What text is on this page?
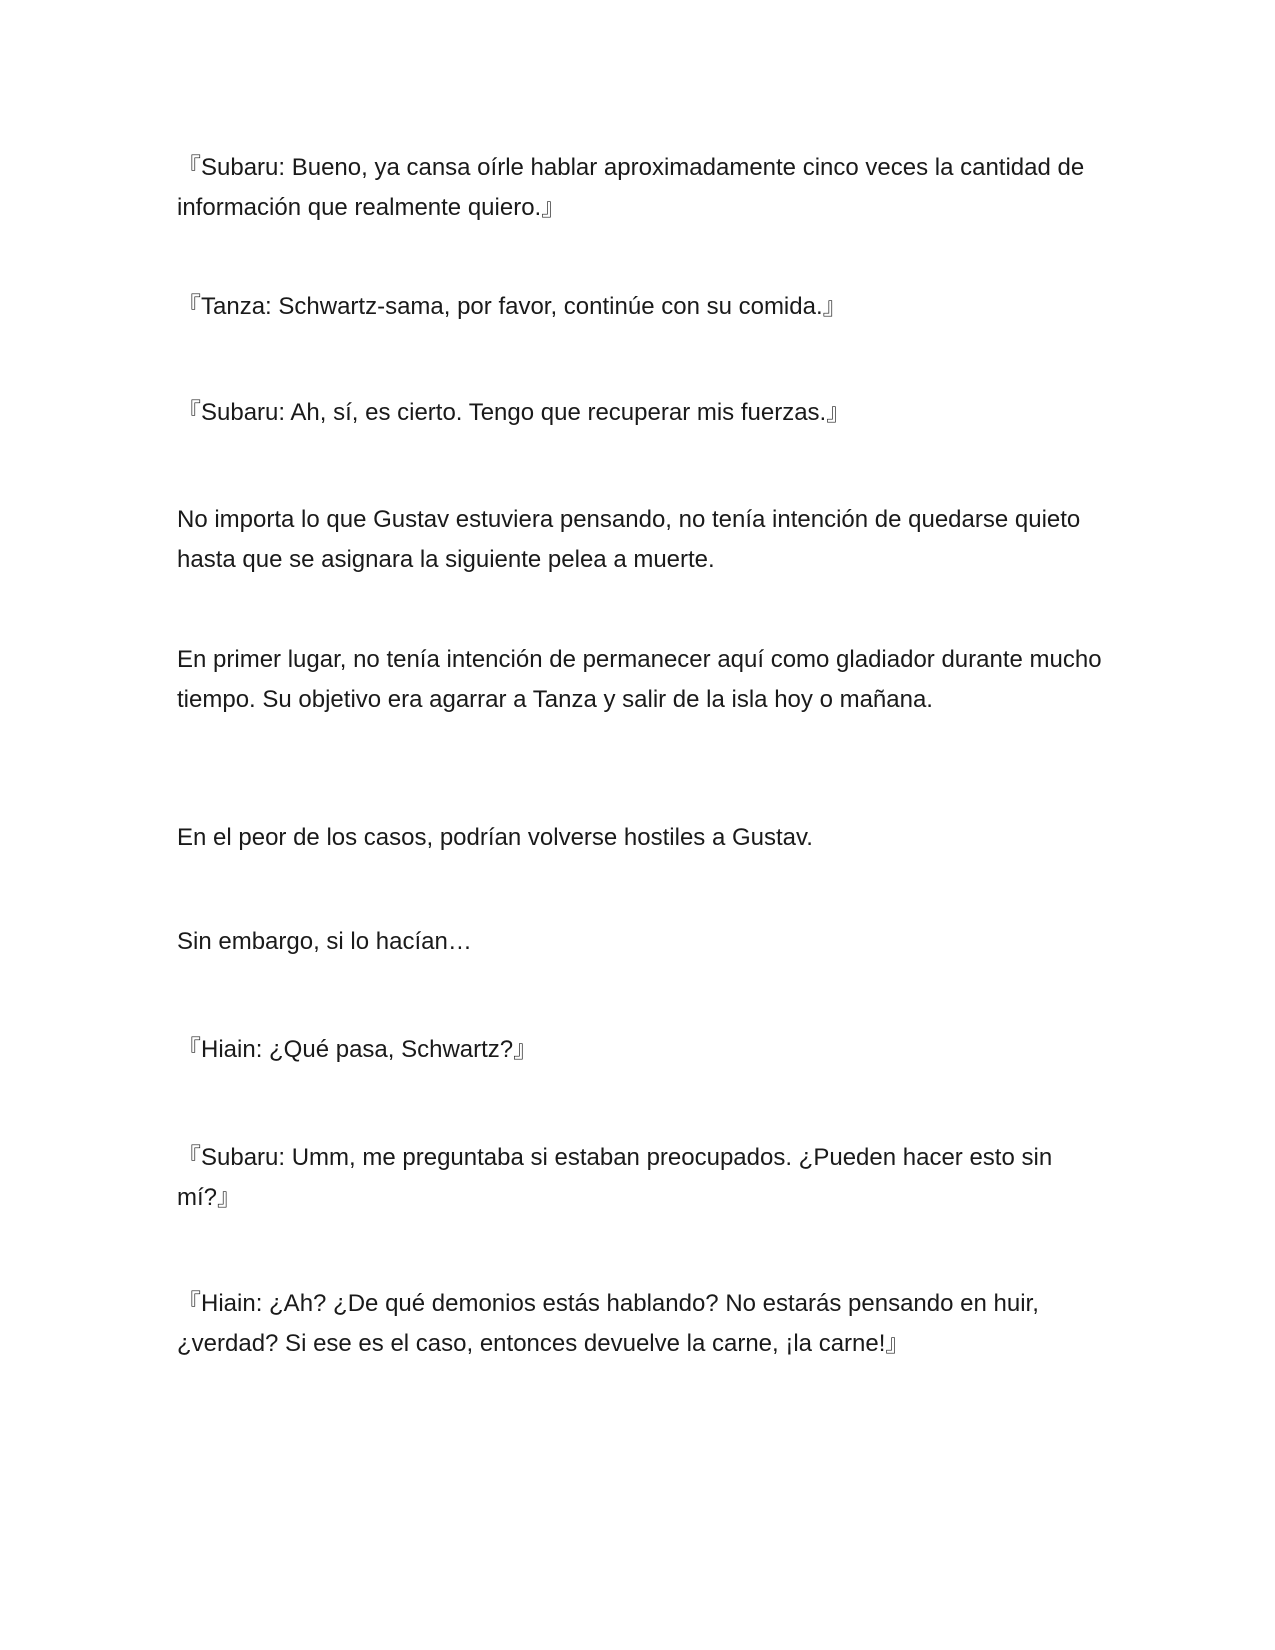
『Subaru: Bueno, ya cansa oírle hablar aproximadamente cinco veces la cantidad de información que realmente quiero.』

『Tanza: Schwartz-sama, por favor, continúe con su comida.』

『Subaru: Ah, sí, es cierto. Tengo que recuperar mis fuerzas.』

No importa lo que Gustav estuviera pensando, no tenía intención de quedarse quieto hasta que se asignara la siguiente pelea a muerte.

En primer lugar, no tenía intención de permanecer aquí como gladiador durante mucho tiempo. Su objetivo era agarrar a Tanza y salir de la isla hoy o mañana.

En el peor de los casos, podrían volverse hostiles a Gustav.

Sin embargo, si lo hacían…

『Hiain: ¿Qué pasa, Schwartz?』

『Subaru: Umm, me preguntaba si estaban preocupados. ¿Pueden hacer esto sin mí?』

『Hiain: ¿Ah? ¿De qué demonios estás hablando? No estarás pensando en huir, ¿verdad? Si ese es el caso, entonces devuelve la carne, ¡la carne!』
